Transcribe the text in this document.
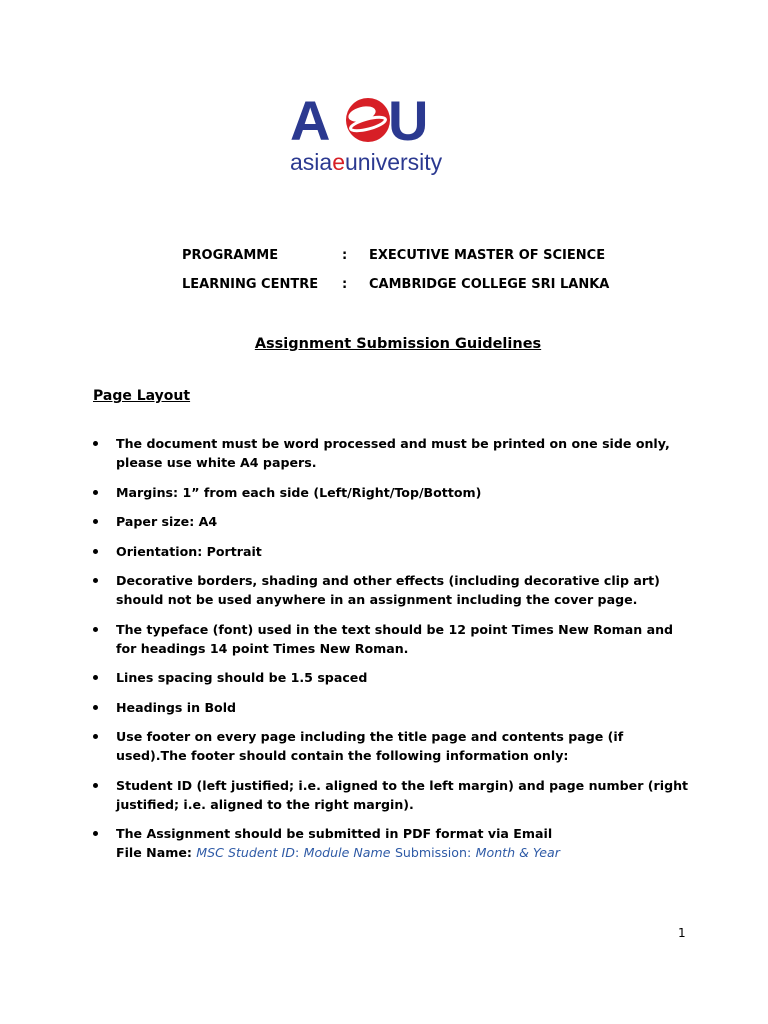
A U
asiaeuniversity
PROGRAMME	: EXECUTIVE MASTER OF SCIENCE
LEARNING CENTRE : CAMBRIDGE COLLEGE SRI LANKA
Assignment Submission Guidelines
Page Layout
The document must be word processed and must be printed on one side only, please use white A4 papers.
Margins: 1” from each side (Left/Right/Top/Bottom)
Paper size: A4
Orientation: Portrait
Decorative borders, shading and other effects (including decorative clip art) should not be used anywhere in an assignment including the cover page.
The typeface (font) used in the text should be 12 point Times New Roman and for headings 14 point Times New Roman.
Lines spacing should be 1.5 spaced
Headings in Bold
Use footer on every page including the title page and contents page (if used).The footer should contain the following information only:
Student ID (left justified; i.e. aligned to the left margin) and page number (right justified; i.e. aligned to the right margin).
The Assignment should be submitted in PDF format via Email
File Name: MSC Student ID: Module Name Submission: Month & Year
1
